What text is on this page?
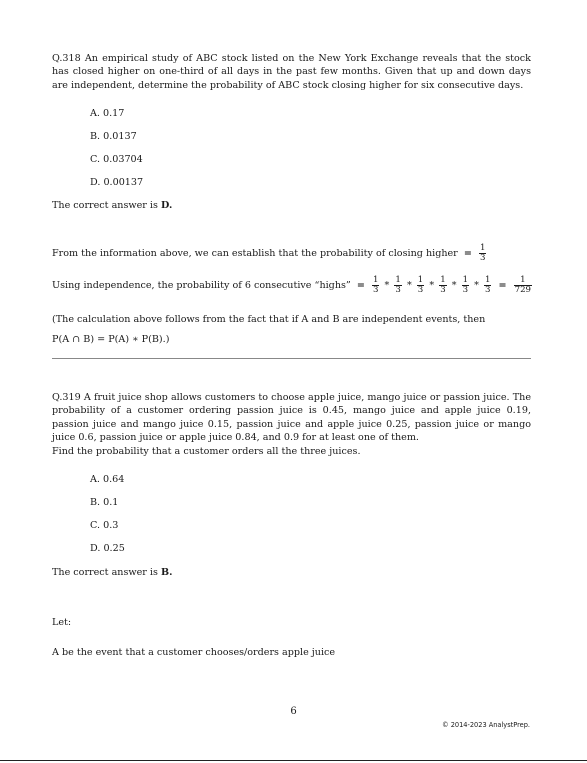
Q.318 An empirical study of ABC stock listed on the New York Exchange reveals that the stock has closed higher on one-third of all days in the past few months. Given that up and down days are independent, determine the probability of ABC stock closing higher for six consecutive days.
A. 0.17
B. 0.0137
C. 0.03704
D. 0.00137
The correct answer is D.
From the information above, we can establish that the probability of closing higher = $\frac{1}{3}$
Using independence, the probability of 6 consecutive “highs” = $\frac{1}{3} * \frac{1}{3} * \frac{1}{3} * \frac{1}{3} * \frac{1}{3} * \frac{1}{3} = \frac{1}{729}$
(The calculation above follows from the fact that if A and B are independent events, then
P(A ∩ B) = P(A) ∗ P(B).)
Q.319 A fruit juice shop allows customers to choose apple juice, mango juice or passion juice. The probability of a customer ordering passion juice is 0.45, mango juice and apple juice 0.19, passion juice and mango juice 0.15, passion juice and apple juice 0.25, passion juice or mango juice 0.6, passion juice or apple juice 0.84, and 0.9 for at least one of them.
Find the probability that a customer orders all the three juices.
A. 0.64
B. 0.1
C. 0.3
D. 0.25
The correct answer is B.
Let:
A be the event that a customer chooses/orders apple juice
6
© 2014-2023 AnalystPrep.
